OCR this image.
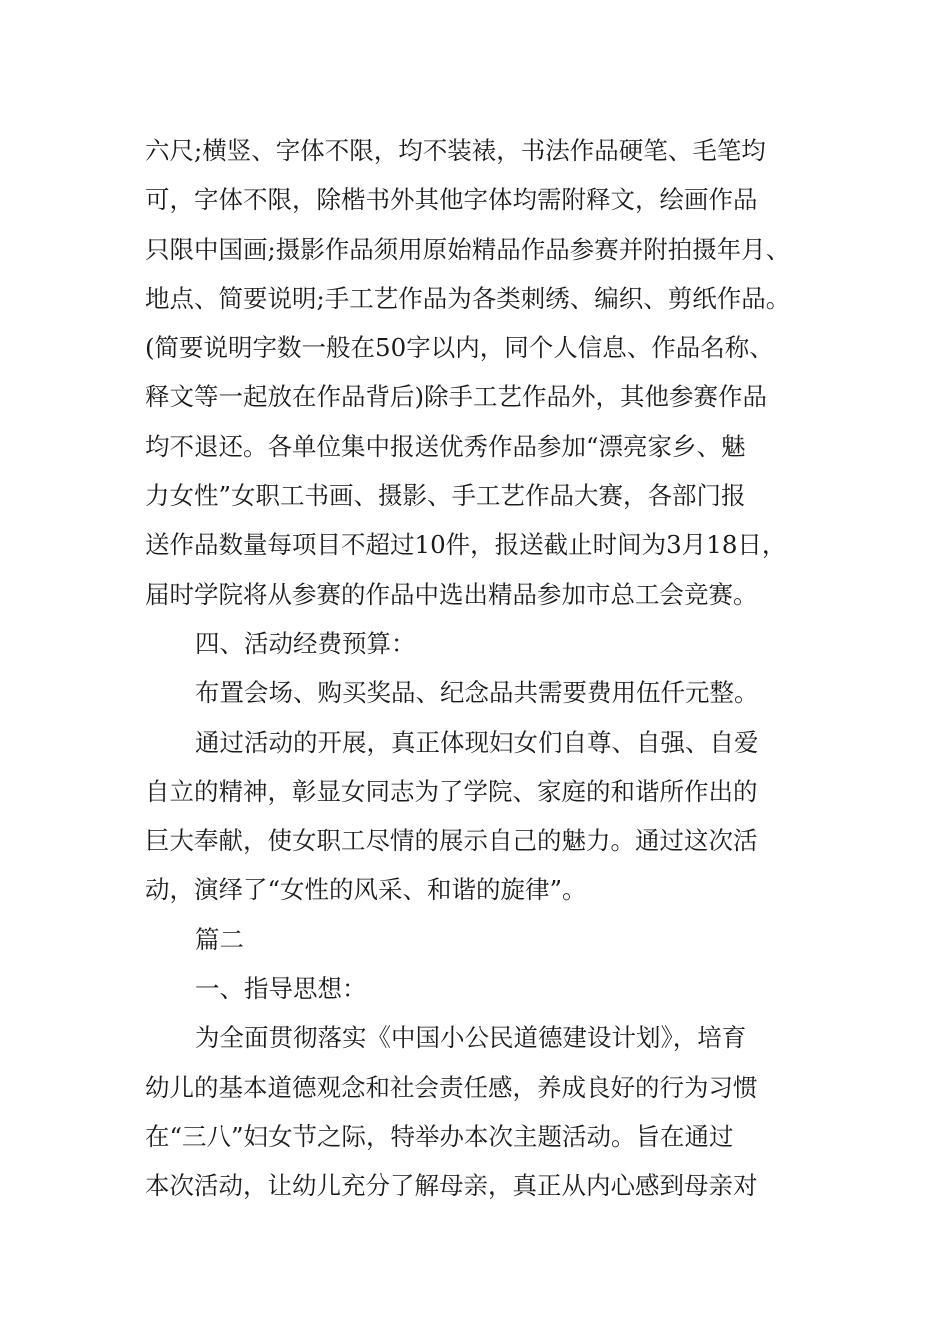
六尺;横竖、字体不限，均不装裱，书法作品硬笔、毛笔均
可，字体不限，除楷书外其他字体均需附释文，绘画作品
只限中国画;摄影作品须用原始精品作品参赛并附拍摄年月、
地点、简要说明;手工艺作品为各类刺绣、编织、剪纸作品。
(简要说明字数一般在50字以内，同个人信息、作品名称、
释文等一起放在作品背后)除手工艺作品外，其他参赛作品
均不退还。各单位集中报送优秀作品参加“漂亮家乡、魅
力女性”女职工书画、摄影、手工艺作品大赛，各部门报
送作品数量每项目不超过10件，报送截止时间为3月18日，
届时学院将从参赛的作品中选出精品参加市总工会竞赛。
四、活动经费预算：
布置会场、购买奖品、纪念品共需要费用伍仟元整。
通过活动的开展，真正体现妇女们自尊、自强、自爱
自立的精神，彰显女同志为了学院、家庭的和谐所作出的
巨大奉献，使女职工尽情的展示自己的魅力。通过这次活
动，演绎了“女性的风采、和谐的旋律”。
篇二
一、指导思想：
为全面贯彻落实《中国小公民道德建设计划》，培育
幼儿的基本道德观念和社会责任感，养成良好的行为习惯
在“三八”妇女节之际，特举办本次主题活动。旨在通过
本次活动，让幼儿充分了解母亲，真正从内心感到母亲对
